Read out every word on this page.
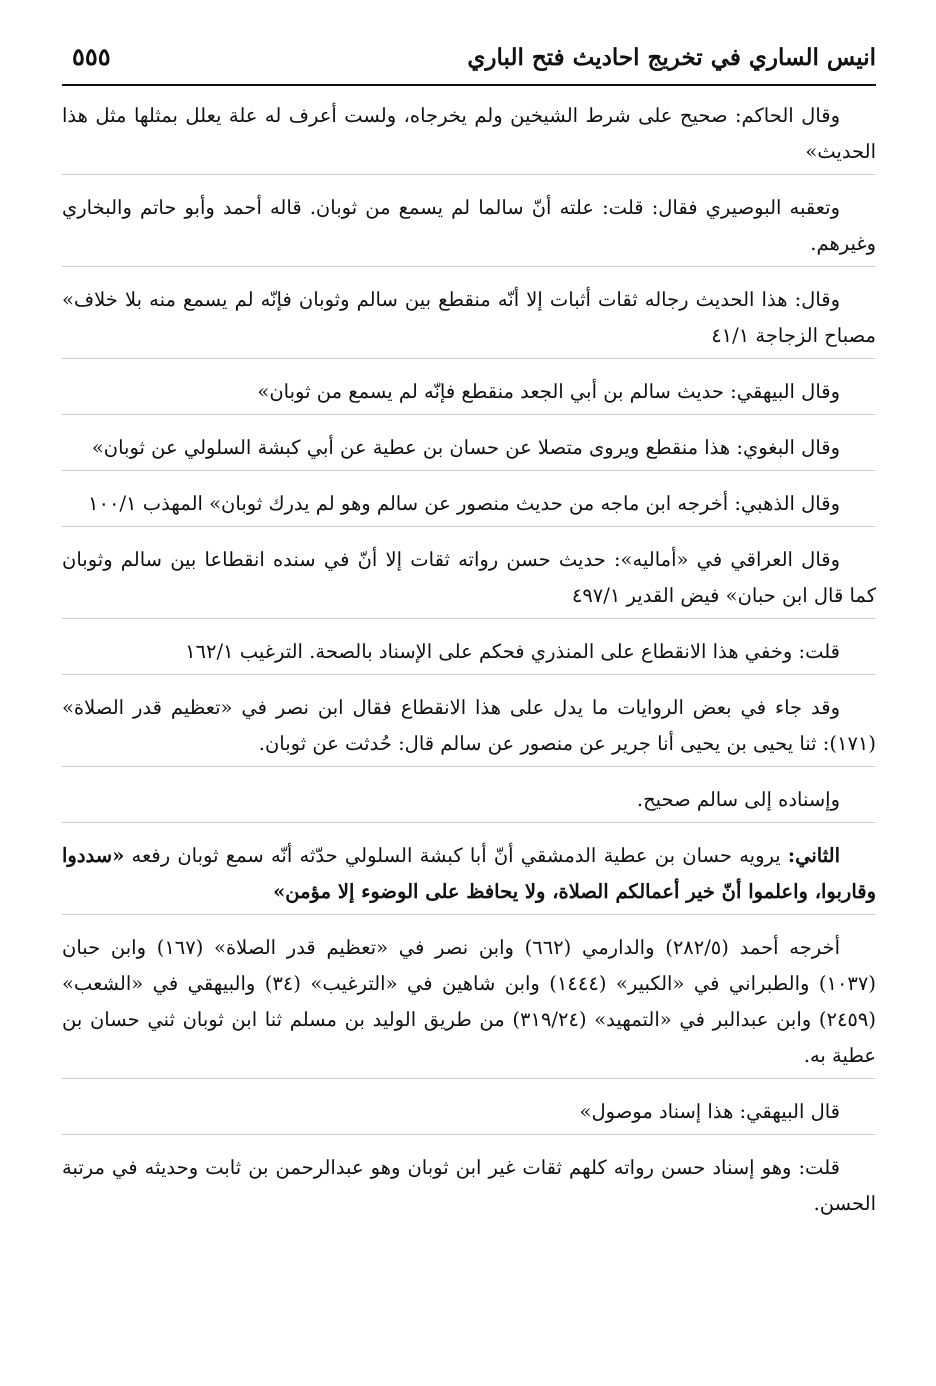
انيس الساري في تخريج احاديث فتح الباري
٥٥٥

وقال الحاكم: صحيح على شرط الشيخين ولم يخرجاه، ولست أعرف له علة يعلل بمثلها مثل هذا الحديث»

وتعقبه البوصيري فقال: قلت: علته أنّ سالما لم يسمع من ثوبان. قاله أحمد وأبو حاتم والبخاري وغيرهم.

وقال: هذا الحديث رجاله ثقات أثبات إلا أنّه منقطع بين سالم وثوبان فإنّه لم يسمع منه بلا خلاف» مصباح الزجاجة ٤١/١

وقال البيهقي: حديث سالم بن أبي الجعد منقطع فإنّه لم يسمع من ثوبان»

وقال البغوي: هذا منقطع ويروى متصلا عن حسان بن عطية عن أبي كبشة السلولي عن ثوبان»

وقال الذهبي: أخرجه ابن ماجه من حديث منصور عن سالم وهو لم يدرك ثوبان» المهذب ١٠٠/١

وقال العراقي في «أماليه»: حديث حسن رواته ثقات إلا أنّ في سنده انقطاعا بين سالم وثوبان كما قال ابن حبان» فيض القدير ٤٩٧/١

قلت: وخفي هذا الانقطاع على المنذري فحكم على الإسناد بالصحة. الترغيب ١٦٢/١

وقد جاء في بعض الروايات ما يدل على هذا الانقطاع فقال ابن نصر في «تعظيم قدر الصلاة» (١٧١): ثنا يحيى بن يحيى أنا جرير عن منصور عن سالم قال: حُدثت عن ثوبان.

وإسناده إلى سالم صحيح.

الثاني: يرويه حسان بن عطية الدمشقي أنّ أبا كبشة السلولي حدّثه أنّه سمع ثوبان رفعه «سددوا وقاربوا، واعلموا أنّ خير أعمالكم الصلاة، ولا يحافظ على الوضوء إلا مؤمن»

أخرجه أحمد (٢٨٢/٥) والدارمي (٦٦٢) وابن نصر في «تعظيم قدر الصلاة» (١٦٧) وابن حبان (١٠٣٧) والطبراني في «الكبير» (١٤٤٤) وابن شاهين في «الترغيب» (٣٤) والبيهقي في «الشعب» (٢٤٥٩) وابن عبدالبر في «التمهيد» (٣١٩/٢٤) من طريق الوليد بن مسلم ثنا ابن ثوبان ثني حسان بن عطية به.

قال البيهقي: هذا إسناد موصول»

قلت: وهو إسناد حسن رواته كلهم ثقات غير ابن ثوبان وهو عبدالرحمن بن ثابت وحديثه في مرتبة الحسن.
